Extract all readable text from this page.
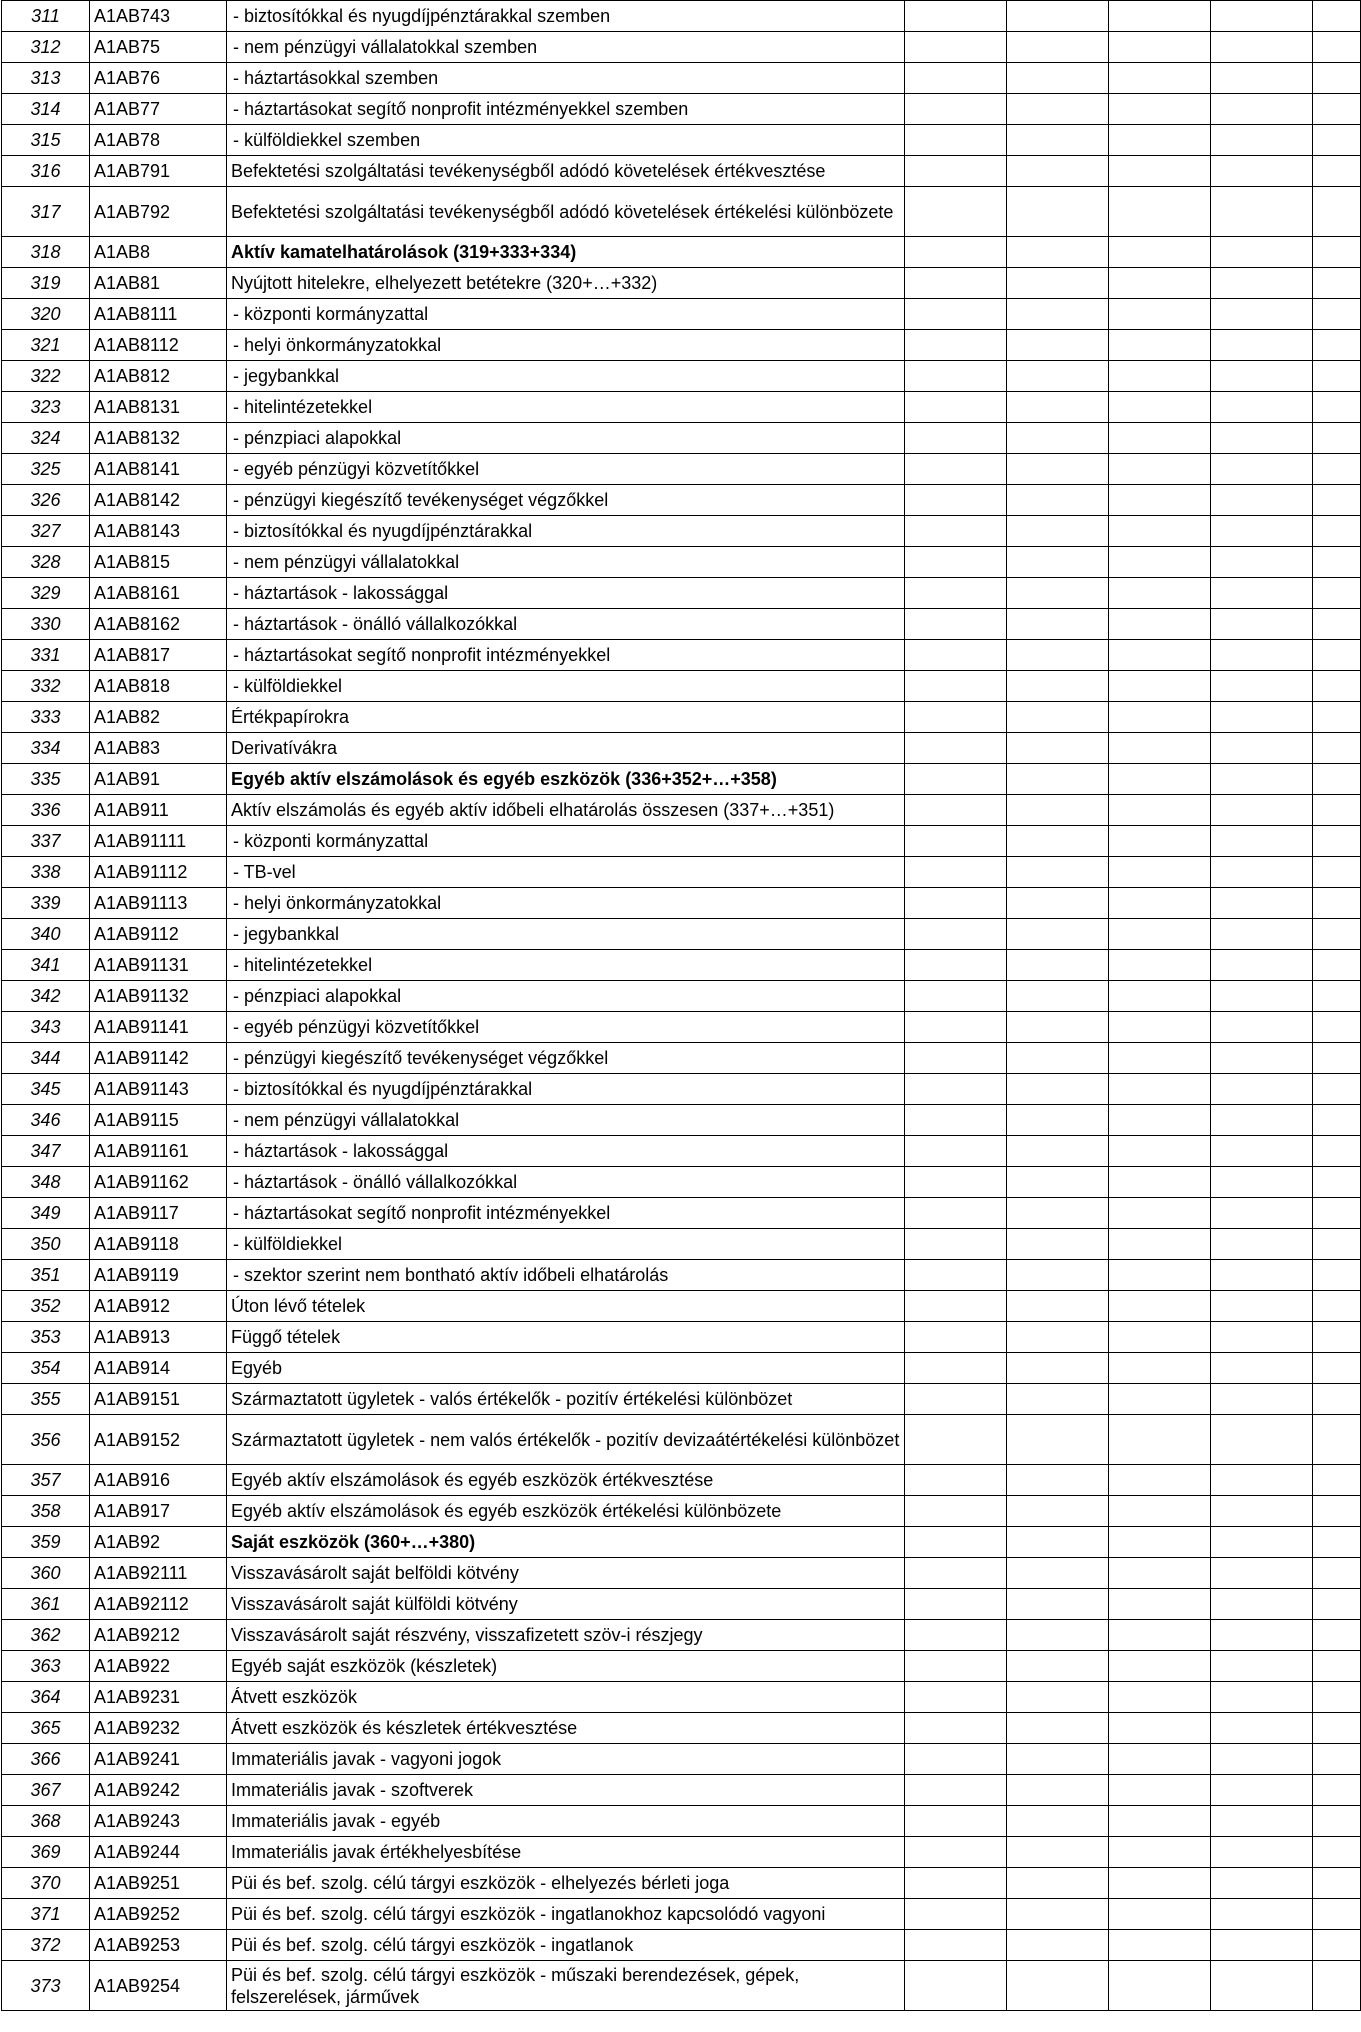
311	A1AB743	- biztosítókkal és nyugdíjpénztárakkal szemben					
312	A1AB75	- nem pénzügyi vállalatokkal szemben					
313	A1AB76	- háztartásokkal szemben					
314	A1AB77	- háztartásokat segítő nonprofit intézményekkel szemben					
315	A1AB78	- külföldiekkel szemben					
316	A1AB791	Befektetési szolgáltatási tevékenységből adódó követelések értékvesztése					
317	A1AB792	Befektetési szolgáltatási tevékenységből adódó követelések értékelési különbözete					
318	A1AB8	Aktív kamatelhatárolások (319+333+334)					
319	A1AB81	Nyújtott hitelekre, elhelyezett betétekre (320+…+332)					
320	A1AB8111	- központi kormányzattal					
321	A1AB8112	- helyi önkormányzatokkal					
322	A1AB812	- jegybankkal					
323	A1AB8131	- hitelintézetekkel					
324	A1AB8132	- pénzpiaci alapokkal					
325	A1AB8141	- egyéb pénzügyi közvetítőkkel					
326	A1AB8142	- pénzügyi kiegészítő tevékenységet végzőkkel					
327	A1AB8143	- biztosítókkal és nyugdíjpénztárakkal					
328	A1AB815	- nem pénzügyi vállalatokkal					
329	A1AB8161	- háztartások - lakossággal					
330	A1AB8162	- háztartások - önálló vállalkozókkal					
331	A1AB817	- háztartásokat segítő nonprofit intézményekkel					
332	A1AB818	- külföldiekkel					
333	A1AB82	Értékpapírokra					
334	A1AB83	Derivatívákra					
335	A1AB91	Egyéb aktív elszámolások és egyéb eszközök (336+352+…+358)					
336	A1AB911	Aktív elszámolás és egyéb aktív időbeli elhatárolás összesen (337+…+351)					
337	A1AB91111	- központi kormányzattal					
338	A1AB91112	- TB-vel					
339	A1AB91113	- helyi önkormányzatokkal					
340	A1AB9112	- jegybankkal					
341	A1AB91131	- hitelintézetekkel					
342	A1AB91132	- pénzpiaci alapokkal					
343	A1AB91141	- egyéb pénzügyi közvetítőkkel					
344	A1AB91142	- pénzügyi kiegészítő tevékenységet végzőkkel					
345	A1AB91143	- biztosítókkal és nyugdíjpénztárakkal					
346	A1AB9115	- nem pénzügyi vállalatokkal					
347	A1AB91161	- háztartások - lakossággal					
348	A1AB91162	- háztartások - önálló vállalkozókkal					
349	A1AB9117	- háztartásokat segítő nonprofit intézményekkel					
350	A1AB9118	- külföldiekkel					
351	A1AB9119	- szektor szerint nem bontható aktív időbeli elhatárolás					
352	A1AB912	Úton lévő tételek					
353	A1AB913	Függő tételek					
354	A1AB914	Egyéb					
355	A1AB9151	Származtatott ügyletek - valós értékelők - pozitív értékelési különbözet					
356	A1AB9152	Származtatott ügyletek - nem valós értékelők - pozitív devizaátértékelési különbözet					
357	A1AB916	Egyéb aktív elszámolások és egyéb eszközök értékvesztése					
358	A1AB917	Egyéb aktív elszámolások és egyéb eszközök értékelési különbözete					
359	A1AB92	Saját eszközök (360+…+380)					
360	A1AB92111	Visszavásárolt saját belföldi kötvény					
361	A1AB92112	Visszavásárolt saját külföldi kötvény					
362	A1AB9212	Visszavásárolt saját részvény, visszafizetett szöv-i részjegy					
363	A1AB922	Egyéb saját eszközök (készletek)					
364	A1AB9231	Átvett eszközök					
365	A1AB9232	Átvett eszközök és készletek értékvesztése					
366	A1AB9241	Immateriális javak - vagyoni jogok					
367	A1AB9242	Immateriális javak - szoftverek					
368	A1AB9243	Immateriális javak - egyéb					
369	A1AB9244	Immateriális javak értékhelyesbítése					
370	A1AB9251	Püi és bef. szolg. célú tárgyi eszközök - elhelyezés bérleti joga					
371	A1AB9252	Püi és bef. szolg. célú tárgyi eszközök - ingatlanokhoz kapcsolódó vagyoni					
372	A1AB9253	Püi és bef. szolg. célú tárgyi eszközök - ingatlanok					
373	A1AB9254	Püi és bef. szolg. célú tárgyi eszközök - műszaki berendezések, gépek, felszerelések, járművek					
